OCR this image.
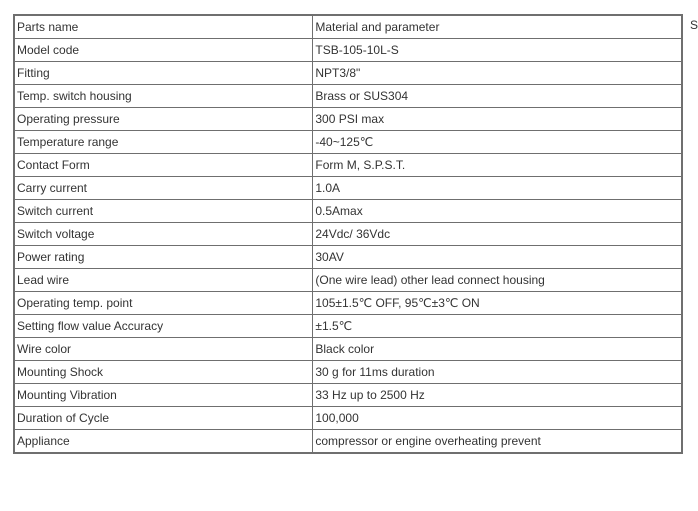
Parts name	Material and parameter
Model code	TSB-105-10L-S
Fitting	NPT3/8"
Temp. switch housing	Brass or SUS304
Operating pressure	300 PSI max
Temperature range	-40~125℃
Contact Form	Form M, S.P.S.T.
Carry current	1.0A
Switch current	0.5Amax
Switch voltage	24Vdc/ 36Vdc
Power rating	30AV
Lead wire	(One wire lead) other lead connect housing
Operating temp. point	105±1.5℃ OFF, 95℃±3℃ ON
Setting flow value Accuracy	±1.5℃
Wire color	Black color
Mounting Shock	30 g for 11ms duration
Mounting Vibration	33 Hz up to 2500 Hz
Duration of Cycle	100,000
Appliance	compressor or engine overheating prevent
S
